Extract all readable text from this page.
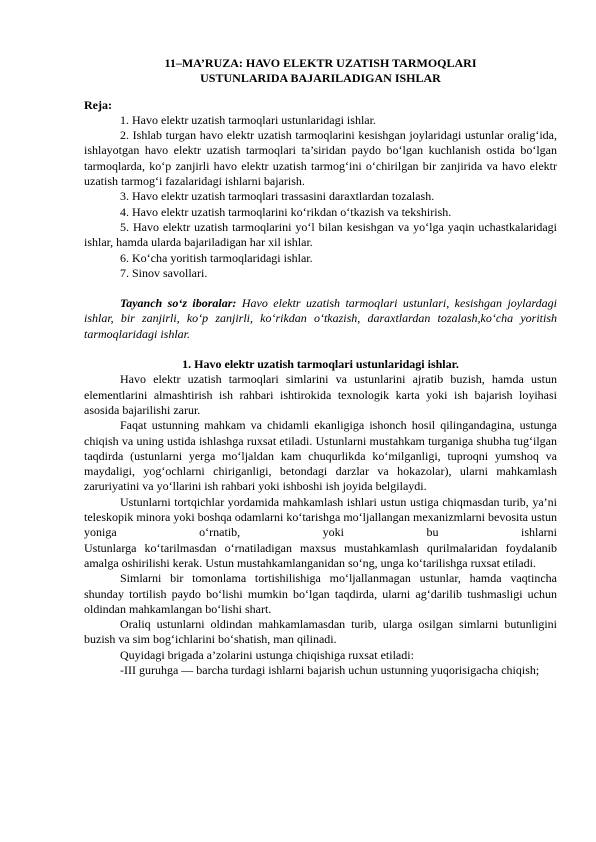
11–MA’RUZA: HAVO ELEKTR UZATISH TARMOQLARI
USTUNLARIDA BAJARILADIGAN ISHLAR

Reja:

1. Havo elektr uzatish tarmoqlari ustunlaridagi ishlar.

2. Ishlab turgan havo elektr uzatish tarmoqlarini kesishgan joylaridagi ustunlar oralig‘ida, ishlayotgan havo elektr uzatish tarmoqlari ta’siridan paydo bo‘lgan kuchlanish ostida bo‘lgan tarmoqlarda, ko‘p zanjirli havo elektr uzatish tarmog‘ini o‘chirilgan bir zanjirida va havo elektr uzatish tarmog‘i fazalaridagi ishlarni bajarish.

3. Havo elektr uzatish tarmoqlari trassasini daraxtlardan tozalash.

4. Havo elektr uzatish tarmoqlarini ko‘rikdan o‘tkazish va tekshirish.

5. Havo elektr uzatish tarmoqlarini yo‘l bilan kesishgan va yo‘lga yaqin uchastkalaridagi ishlar, hamda ularda bajariladigan har xil ishlar.

6. Ko‘cha yoritish tarmoqlaridagi ishlar.

7. Sinov savollari.

Tayanch so‘z iboralar: Havo elektr uzatish tarmoqlari ustunlari, kesishgan joylardagi ishlar, bir zanjirli, ko‘p zanjirli, ko‘rikdan o‘tkazish, daraxtlardan tozalash,ko‘cha yoritish tarmoqlaridagi ishlar.

1. Havo elektr uzatish tarmoqlari ustunlaridagi ishlar.

Havo elektr uzatish tarmoqlari simlarini va ustunlarini ajratib buzish, hamda ustun elementlarini almashtirish ish rahbari ishtirokida texnologik karta yoki ish bajarish loyihasi asosida bajarilishi zarur.

Faqat ustunning mahkam va chidamli ekanligiga ishonch hosil qilingandagina, ustunga chiqish va uning ustida ishlashga ruxsat etiladi. Ustunlarni mustahkam turganiga shubha tug‘ilgan taqdirda (ustunlarni yerga mo‘ljaldan kam chuqurlikda ko‘milganligi, tuproqni yumshoq va maydaligi, yog‘ochlarni chiriganligi, betondagi darzlar va hokazolar), ularni mahkamlash zaruriyatini va yo‘llarini ish rahbari yoki ishboshi ish joyida belgilaydi.

Ustunlarni tortqichlar yordamida mahkamlash ishlari ustun ustiga chiqmasdan turib, ya’ni teleskopik minora yoki boshqa odamlarni ko‘tarishga mo‘ljallangan mexanizmlarni bevosita ustun yoniga o‘rnatib, yoki bu ishlarni

Ustunlarga ko‘tarilmasdan o‘rnatiladigan maxsus mustahkamlash qurilmalaridan foydalanib amalga oshirilishi kerak. Ustun mustahkamlanganidan so‘ng, unga ko‘tarilishga ruxsat etiladi.

Simlarni bir tomonlama tortishilishiga mo‘ljallanmagan ustunlar, hamda vaqtincha shunday tortilish paydo bo‘lishi mumkin bo‘lgan taqdirda, ularni ag‘darilib tushmasligi uchun oldindan mahkamlangan bo‘lishi shart.

Oraliq ustunlarni oldindan mahkamlamasdan turib, ularga osilgan simlarni butunligini buzish va sim bog‘ichlarini bo‘shatish, man qilinadi.

Quyidagi brigada a’zolarini ustunga chiqishiga ruxsat etiladi:

-III guruhga — barcha turdagi ishlarni bajarish uchun ustunning yuqorisigacha chiqish;
